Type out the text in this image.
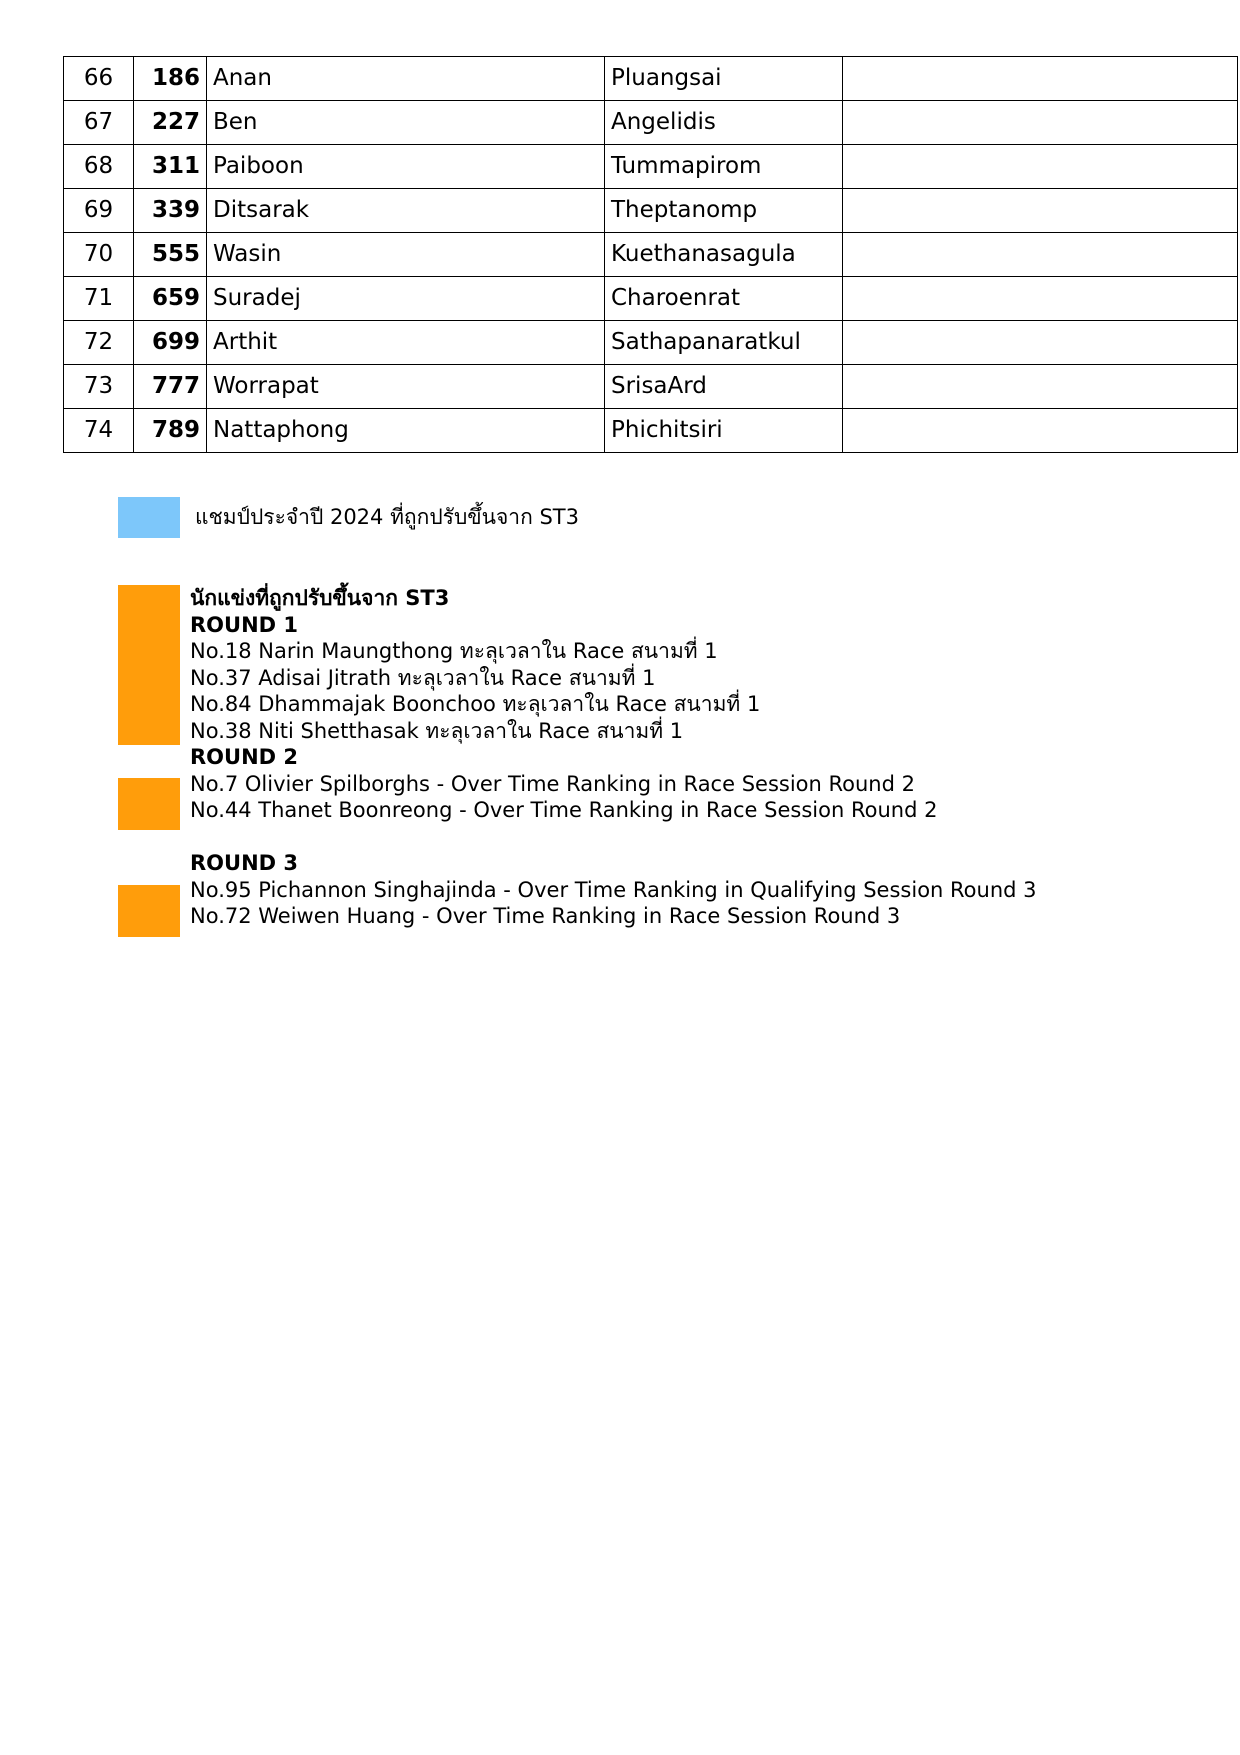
66	186	Anan	Pluangsai	
67	227	Ben	Angelidis	
68	311	Paiboon	Tummapirom	
69	339	Ditsarak	Theptanomp	
70	555	Wasin	Kuethanasagula	
71	659	Suradej	Charoenrat	
72	699	Arthit	Sathapanaratkul	
73	777	Worrapat	SrisaArd	
74	789	Nattaphong	Phichitsiri	
แชมป์ประจำปี 2024 ที่ถูกปรับขึ้นจาก ST3
นักแข่งที่ถูกปรับขึ้นจาก ST3
ROUND 1
No.18 Narin Maungthong ทะลุเวลาใน Race สนามที่ 1
No.37 Adisai Jitrath ทะลุเวลาใน Race สนามที่ 1
No.84 Dhammajak Boonchoo ทะลุเวลาใน Race สนามที่ 1
No.38 Niti Shetthasak ทะลุเวลาใน Race สนามที่ 1
ROUND 2
No.7 Olivier Spilborghs - Over Time Ranking in Race Session Round 2
No.44 Thanet Boonreong - Over Time Ranking in Race Session Round 2
ROUND 3
No.95 Pichannon Singhajinda - Over Time Ranking in Qualifying Session Round 3
No.72 Weiwen Huang - Over Time Ranking in Race Session Round 3
